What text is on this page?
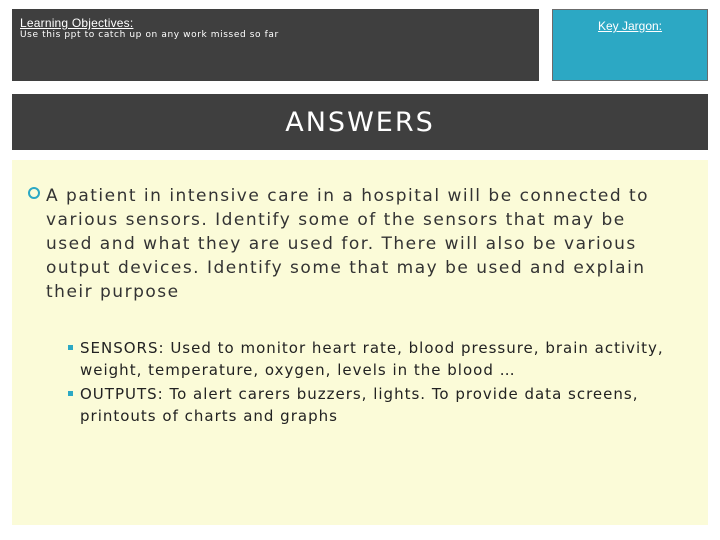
Learning Objectives:
Use this ppt to catch up on any work missed so far
Key Jargon:
ANSWERS
A patient in intensive care in a hospital will be connected to various sensors. Identify some of the sensors that may be used and what they are used for. There will also be various output devices. Identify some that may be used and explain their purpose
SENSORS: Used to monitor heart rate, blood pressure, brain activity, weight, temperature, oxygen, levels in the blood …
OUTPUTS: To alert carers buzzers, lights. To provide data screens, printouts of charts and graphs
